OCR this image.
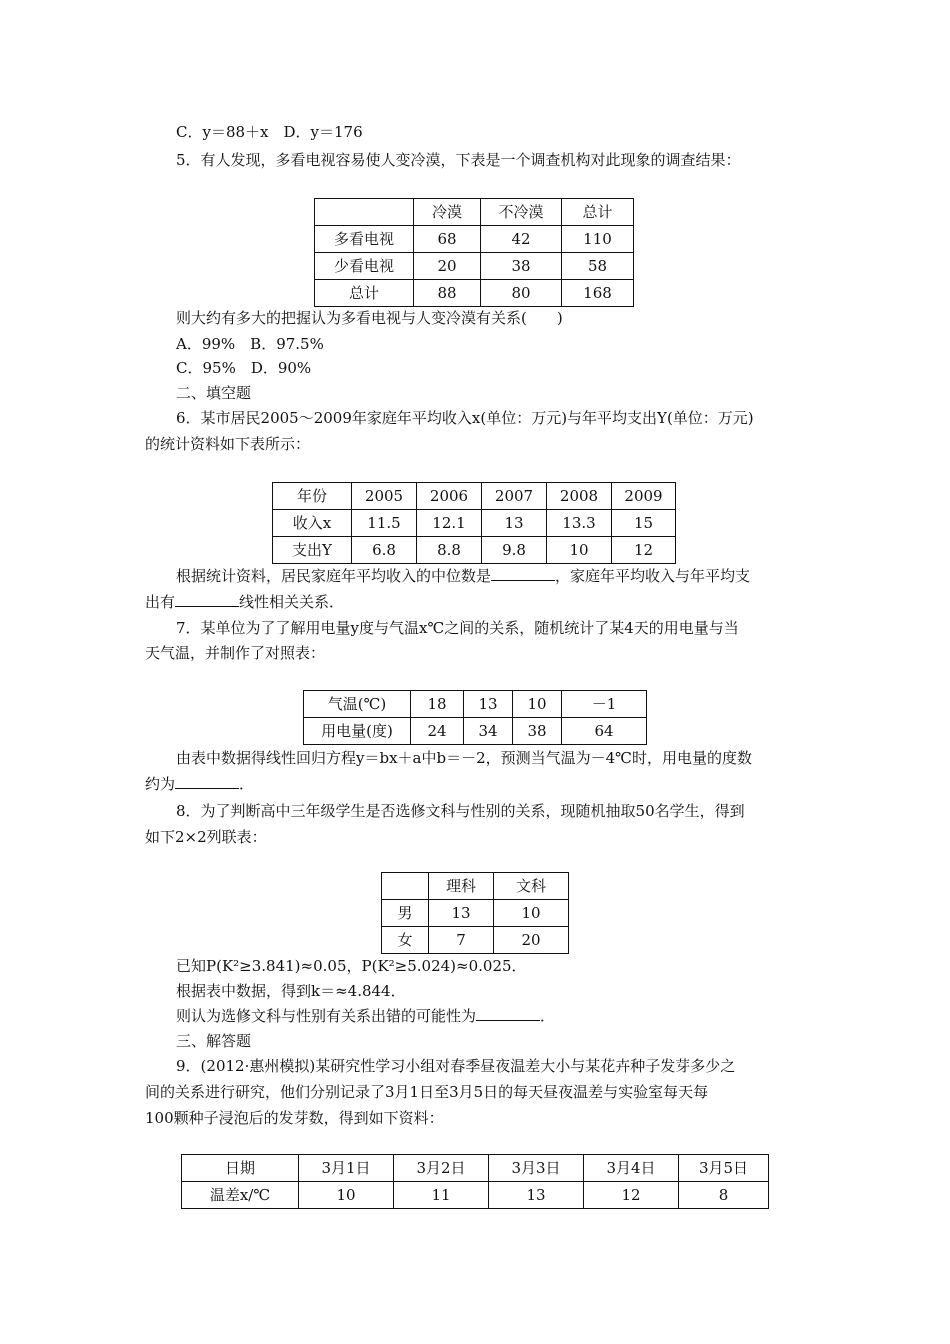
C．y＝88＋x　D．y＝176
5．有人发现，多看电视容易使人变冷漠，下表是一个调查机构对此现象的调查结果：
	冷漠	不冷漠	总计
多看电视	68	42	110
少看电视	20	38	58
总计	88	80	168
则大约有多大的把握认为多看电视与人变冷漠有关系(　　)
A．99%　B．97.5%
C．95%　D．90%
二、填空题
6．某市居民2005～2009年家庭年平均收入x(单位：万元)与年平均支出Y(单位：万元)
的统计资料如下表所示：
年份	2005	2006	2007	2008	2009
收入x	11.5	12.1	13	13.3	15
支出Y	6.8	8.8	9.8	10	12
根据统计资料，居民家庭年平均收入的中位数是	，家庭年平均收入与年平均支
出有	线性相关关系．
7．某单位为了了解用电量y度与气温x℃之间的关系，随机统计了某4天的用电量与当
天气温，并制作了对照表：
气温(℃)	18	13	10	－1
用电量(度)	24	34	38	64
由表中数据得线性回归方程y＝bx＋a中b＝－2，预测当气温为－4℃时，用电量的度数
约为	．
8．为了判断高中三年级学生是否选修文科与性别的关系，现随机抽取50名学生，得到
如下2×2列联表：
	理科	文科
男	13	10
女	7	20
已知P(K²≥3.841)≈0.05，P(K²≥5.024)≈0.025．
根据表中数据，得到k＝≈4.844．
则认为选修文科与性别有关系出错的可能性为	．
三、解答题
9．(2012·惠州模拟)某研究性学习小组对春季昼夜温差大小与某花卉种子发芽多少之
间的关系进行研究，他们分别记录了3月1日至3月5日的每天昼夜温差与实验室每天每
100颗种子浸泡后的发芽数，得到如下资料：
日期	3月1日	3月2日	3月3日	3月4日	3月5日
温差x/℃	10	11	13	12	8
